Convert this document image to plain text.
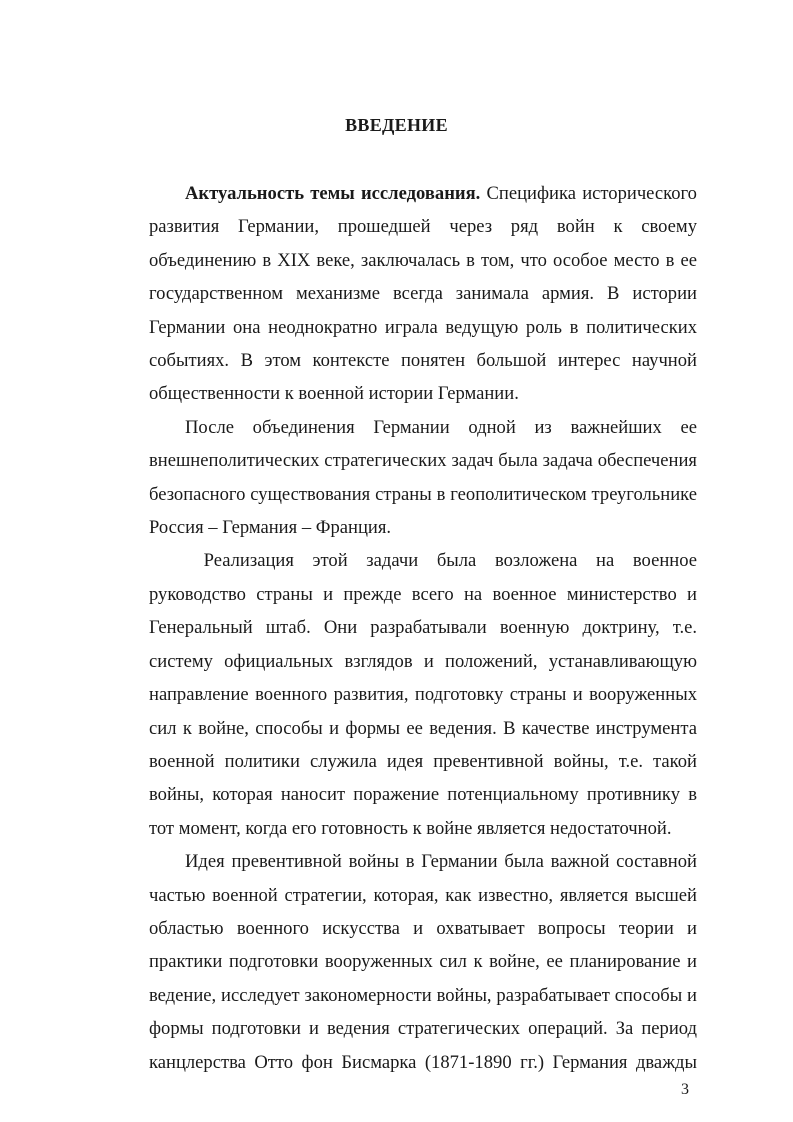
ВВЕДЕНИЕ
Актуальность темы исследования. Специфика исторического
развития Германии, прошедшей через ряд войн к своему
объединению в XIX веке, заключалась в том, что особое место в ее
государственном механизме всегда занимала армия. В истории
Германии она неоднократно играла ведущую роль в политических
событиях. В этом контексте понятен большой интерес научной
общественности к военной истории Германии.
После объединения Германии одной из важнейших ее
внешнеполитических стратегических задач была задача обеспечения
безопасного существования страны в геополитическом треугольнике
Россия – Германия – Франция.
Реализация этой задачи была возложена на военное
руководство страны и прежде всего на военное министерство и
Генеральный штаб. Они разрабатывали военную доктрину, т.е.
систему официальных взглядов и положений, устанавливающую
направление военного развития, подготовку страны и вооруженных
сил к войне, способы и формы ее ведения. В качестве инструмента
военной политики служила идея превентивной войны, т.е. такой
войны, которая наносит поражение потенциальному противнику в
тот момент, когда его готовность к войне является недостаточной.
Идея превентивной войны в Германии была важной составной
частью военной стратегии, которая, как известно, является высшей
областью военного искусства и охватывает вопросы теории и
практики подготовки вооруженных сил к войне, ее планирование и
ведение, исследует закономерности войны, разрабатывает способы и
формы подготовки и ведения стратегических операций. За период
канцлерства Отто фон Бисмарка (1871-1890 гг.) Германия дважды
3
